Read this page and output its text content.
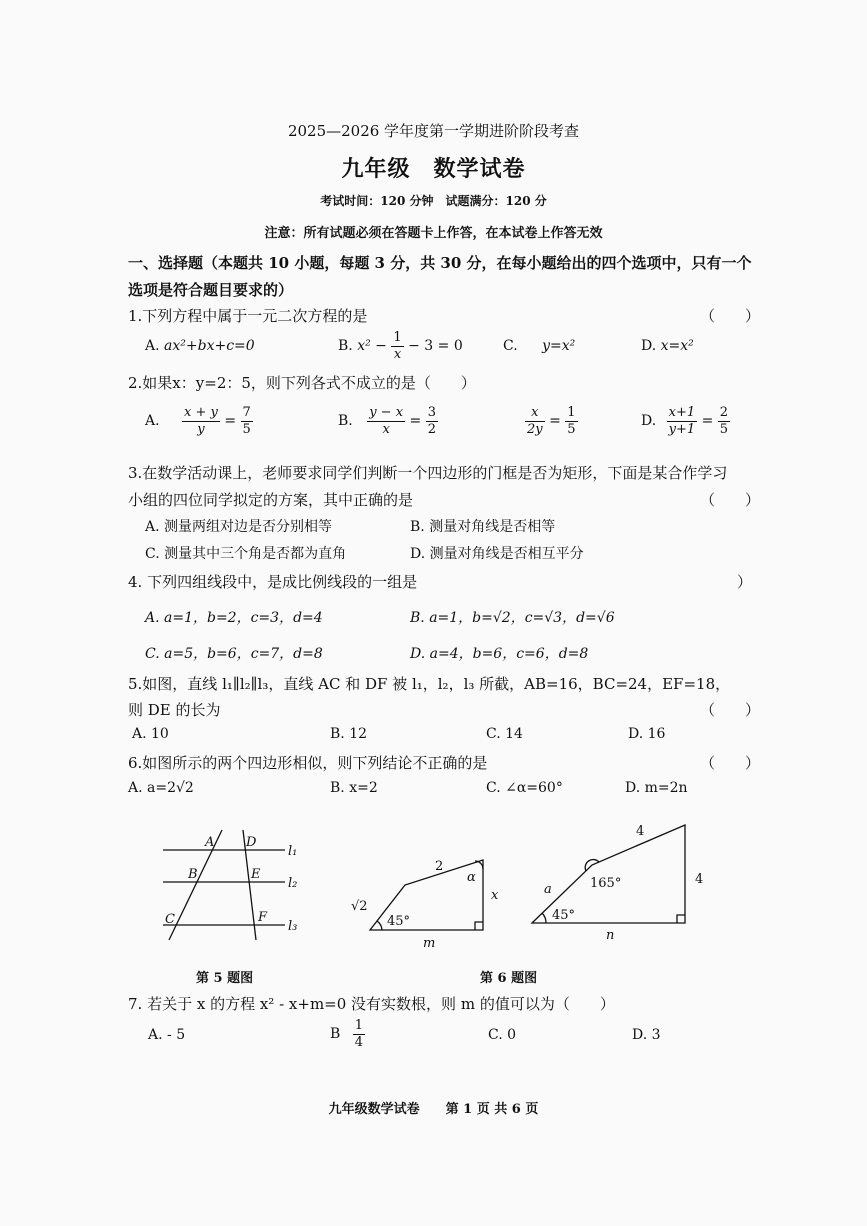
2025—2026 学年度第一学期进阶阶段考查
九年级　数学试卷
考试时间：120 分钟　试题满分：120 分
注意：所有试题必须在答题卡上作答，在本试卷上作答无效
一、选择题（本题共 10 小题，每题 3 分，共 30 分，在每小题给出的四个选项中，只有一个
选项是符合题目要求的）
1.下列方程中属于一元二次方程的是	（　　）
A. ax²+bx+c=0	B. $x^2 - \frac{1}{x} - 3 = 0$	C. y=x²	D. x=x²
2.如果x：y=2：5，则下列各式不成立的是（　　）
A. $\frac{x + y}{y} = \frac{7}{5}$	B. $\frac{y - x}{x} = \frac{3}{2}$	$\frac{x}{2y} = \frac{1}{5}$	D. $\frac{x+1}{y+1} = \frac{2}{5}$
3.在数学活动课上，老师要求同学们判断一个四边形的门框是否为矩形，下面是某合作学习
小组的四位同学拟定的方案，其中正确的是	（　　）
A. 测量两组对边是否分别相等	B. 测量对角线是否相等
C. 测量其中三个角是否都为直角	D. 测量对角线是否相互平分
4. 下列四组线段中，是成比例线段的一组是	）
A. a=1，b=2，c=3，d=4	B. a=1，b=√2，c=√3，d=√6
C. a=5，b=6，c=7，d=8	D. a=4，b=6，c=6，d=8
5.如图，直线 l₁∥l₂∥l₃，直线 AC 和 DF 被 l₁，l₂，l₃ 所截，AB=16，BC=24，EF=18，
则 DE 的长为	（　　）
A. 10	B. 12	C. 14	D. 16
6.如图所示的两个四边形相似，则下列结论不正确的是	（　　）
A. a=2√2	B. x=2	C. ∠α=60°	D. m=2n
A D
B	E
C	F
l₁
l₂
l₃
√2
2
α
x
45°
m
4
4
a	165°
45°
n
第 5 题图	第 6 题图
7. 若关于 x 的方程 x² - x+m=0 没有实数根，则 m 的值可以为（　　）
A. - 5	B $\frac{1}{4}$	C. 0	D. 3
九年级数学试卷　　第 1 页 共 6 页
